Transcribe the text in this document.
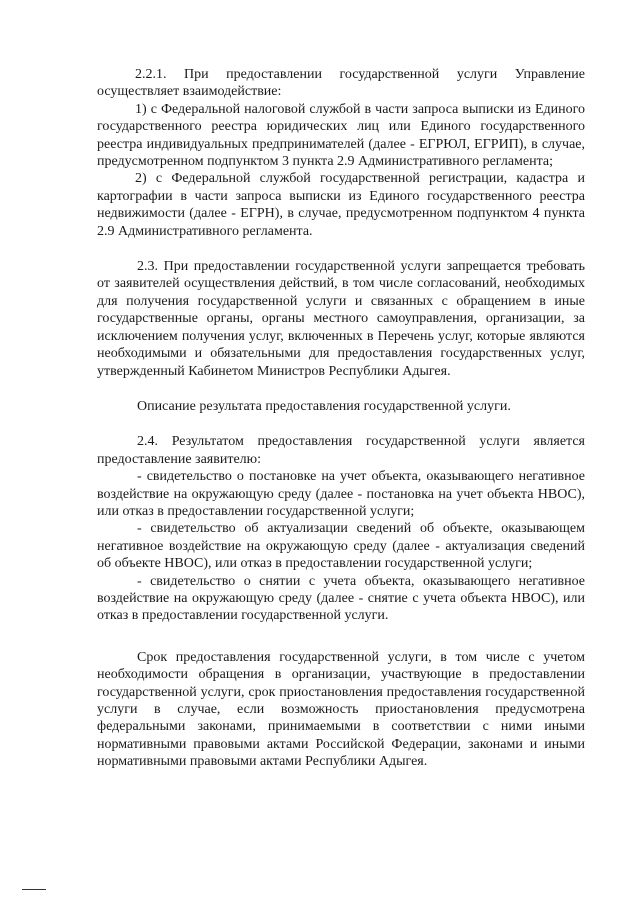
2.2.1. При предоставлении государственной услуги Управление осуществляет взаимодействие:

1) с Федеральной налоговой службой в части запроса выписки из Единого государственного реестра юридических лиц или Единого государственного реестра индивидуальных предпринимателей (далее - ЕГРЮЛ, ЕГРИП), в случае, предусмотренном подпунктом 3 пункта 2.9 Административного регламента;

2) с Федеральной службой государственной регистрации, кадастра и картографии в части запроса выписки из Единого государственного реестра недвижимости (далее - ЕГРН), в случае, предусмотренном подпунктом 4 пункта 2.9 Административного регламента.

2.3. При предоставлении государственной услуги запрещается требовать от заявителей осуществления действий, в том числе согласований, необходимых для получения государственной услуги и связанных с обращением в иные государственные органы, органы местного самоуправления, организации, за исключением получения услуг, включенных в Перечень услуг, которые являются необходимыми и обязательными для предоставления государственных услуг, утвержденный Кабинетом Министров Республики Адыгея.

Описание результата предоставления государственной услуги.

2.4. Результатом предоставления государственной услуги является предоставление заявителю:

- свидетельство о постановке на учет объекта, оказывающего негативное воздействие на окружающую среду (далее - постановка на учет объекта НВОС), или отказ в предоставлении государственной услуги;

- свидетельство об актуализации сведений об объекте, оказывающем негативное воздействие на окружающую среду (далее - актуализация сведений об объекте НВОС), или отказ в предоставлении государственной услуги;

- свидетельство о снятии с учета объекта, оказывающего негативное воздействие на окружающую среду (далее - снятие с учета объекта НВОС), или отказ в предоставлении государственной услуги.

Срок предоставления государственной услуги, в том числе с учетом необходимости обращения в организации, участвующие в предоставлении государственной услуги, срок приостановления предоставления государственной услуги в случае, если возможность приостановления предусмотрена федеральными законами, принимаемыми в соответствии с ними иными нормативными правовыми актами Российской Федерации, законами и иными нормативными правовыми актами Республики Адыгея.
